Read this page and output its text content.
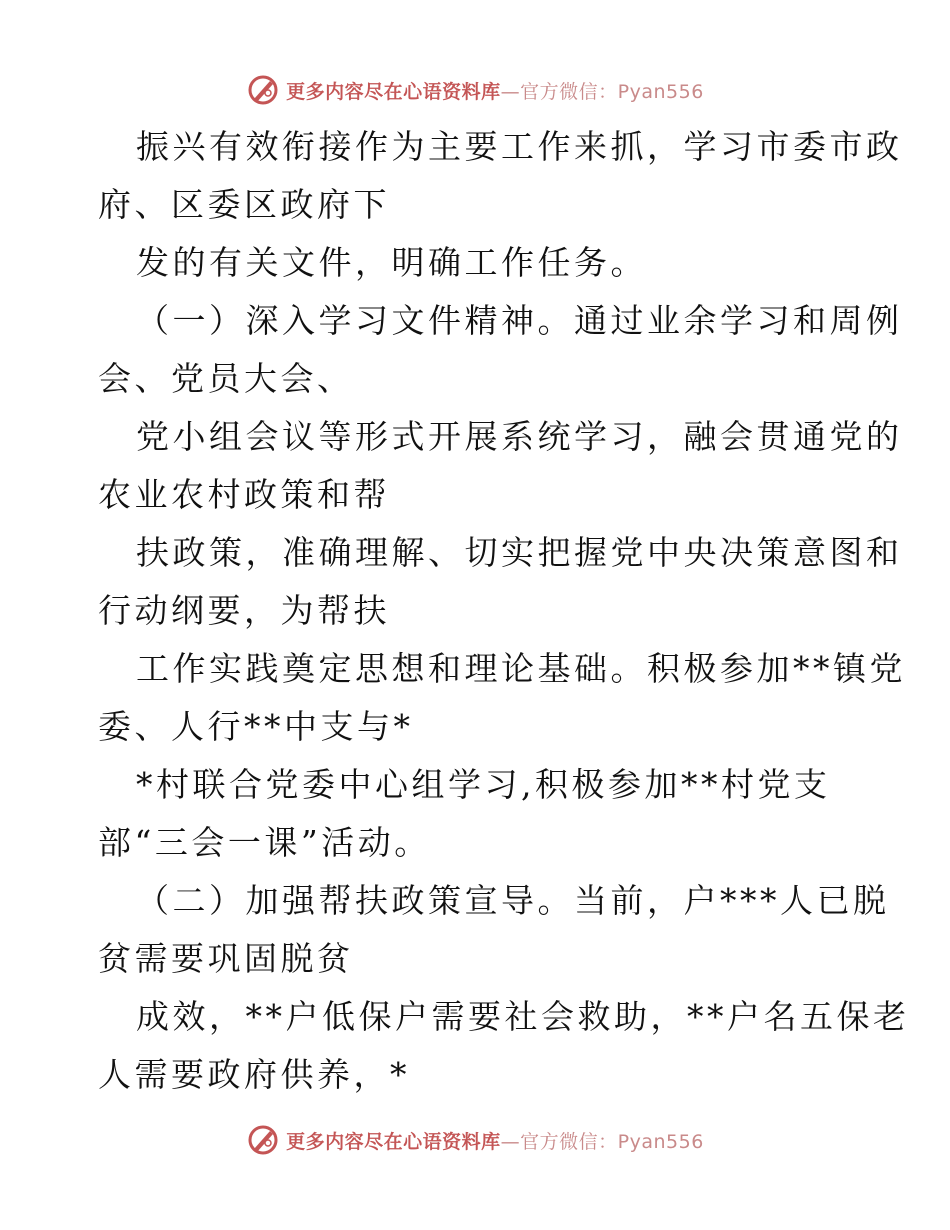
更多内容尽在心语资料库—官方微信：Pyan556
振兴有效衔接作为主要工作来抓，学习市委市政
府、区委区政府下
发的有关文件，明确工作任务。
（一）深入学习文件精神。通过业余学习和周例
会、党员大会、
党小组会议等形式开展系统学习，融会贯通党的
农业农村政策和帮
扶政策，准确理解、切实把握党中央决策意图和
行动纲要，为帮扶
工作实践奠定思想和理论基础。积极参加**镇党
委、人行**中支与*
*村联合党委中心组学习,积极参加**村党支
部“三会一课”活动。
（二）加强帮扶政策宣导。当前，户***人已脱
贫需要巩固脱贫
成效，**户低保户需要社会救助，**户名五保老
人需要政府供养，*
更多内容尽在心语资料库—官方微信：Pyan556
